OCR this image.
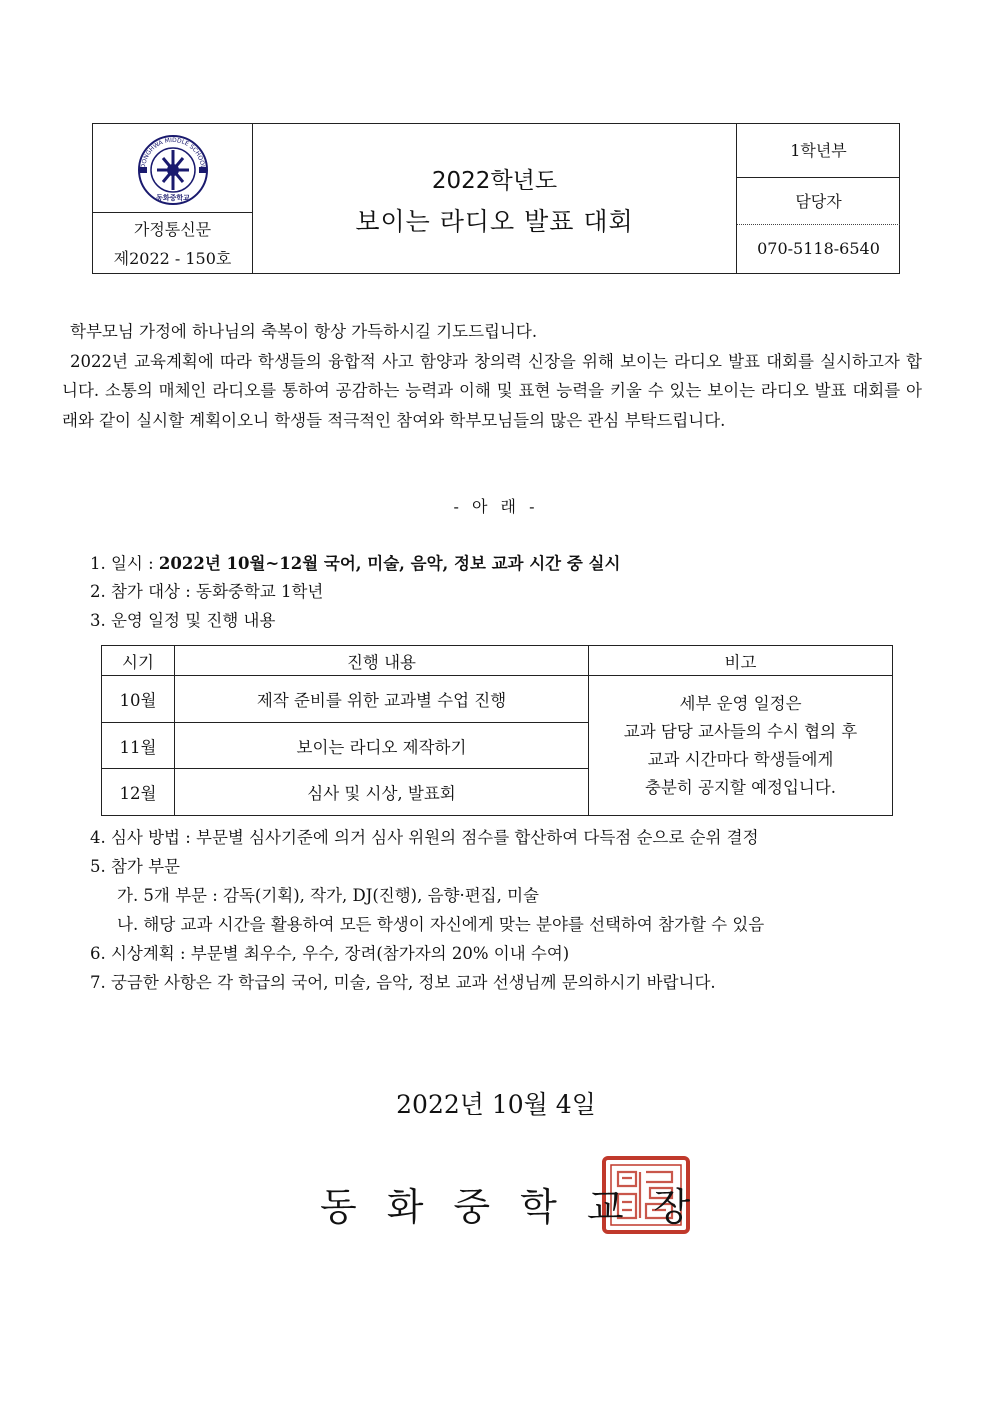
DONGHWA MIDDLE SCHOOL
동화중학교
가정통신문
제2022 - 150호
2022학년도
보이는 라디오 발표 대회
1학년부
담당자
070-5118-6540

학부모님 가정에 하나님의 축복이 항상 가득하시길 기도드립니다.

2022년 교육계획에 따라 학생들의 융합적 사고 함양과 창의력 신장을 위해 보이는 라디오 발표 대회를 실시하고자 합니다. 소통의 매체인 라디오를 통하여 공감하는 능력과 이해 및 표현 능력을 키울 수 있는 보이는 라디오 발표 대회를 아래와 같이 실시할 계획이오니 학생들 적극적인 참여와 학부모님들의 많은 관심 부탁드립니다.

- 아 래 -
1. 일시 : 2022년 10월~12월 국어, 미술, 음악, 정보 교과 시간 중 실시
2. 참가 대상 : 동화중학교 1학년
3. 운영 일정 및 진행 내용
시기	진행 내용	비고
10월	제작 준비를 위한 교과별 수업 진행	세부 운영 일정은
교과 담당 교사들의 수시 협의 후
교과 시간마다 학생들에게
충분히 공지할 예정입니다.

11월	보이는 라디오 제작하기	
12월	심사 및 시상, 발표회	
4. 심사 방법 : 부문별 심사기준에 의거 심사 위원의 점수를 합산하여 다득점 순으로 순위 결정
5. 참가 부문
가. 5개 부문 : 감독(기획), 작가, DJ(진행), 음향·편집, 미술
나. 해당 교과 시간을 활용하여 모든 학생이 자신에게 맞는 분야를 선택하여 참가할 수 있음
6. 시상계획 : 부문별 최우수, 우수, 장려(참가자의 20% 이내 수여)
7. 궁금한 사항은 각 학급의 국어, 미술, 음악, 정보 교과 선생님께 문의하시기 바랍니다.
2022년 10월 4일
동화중학교장
